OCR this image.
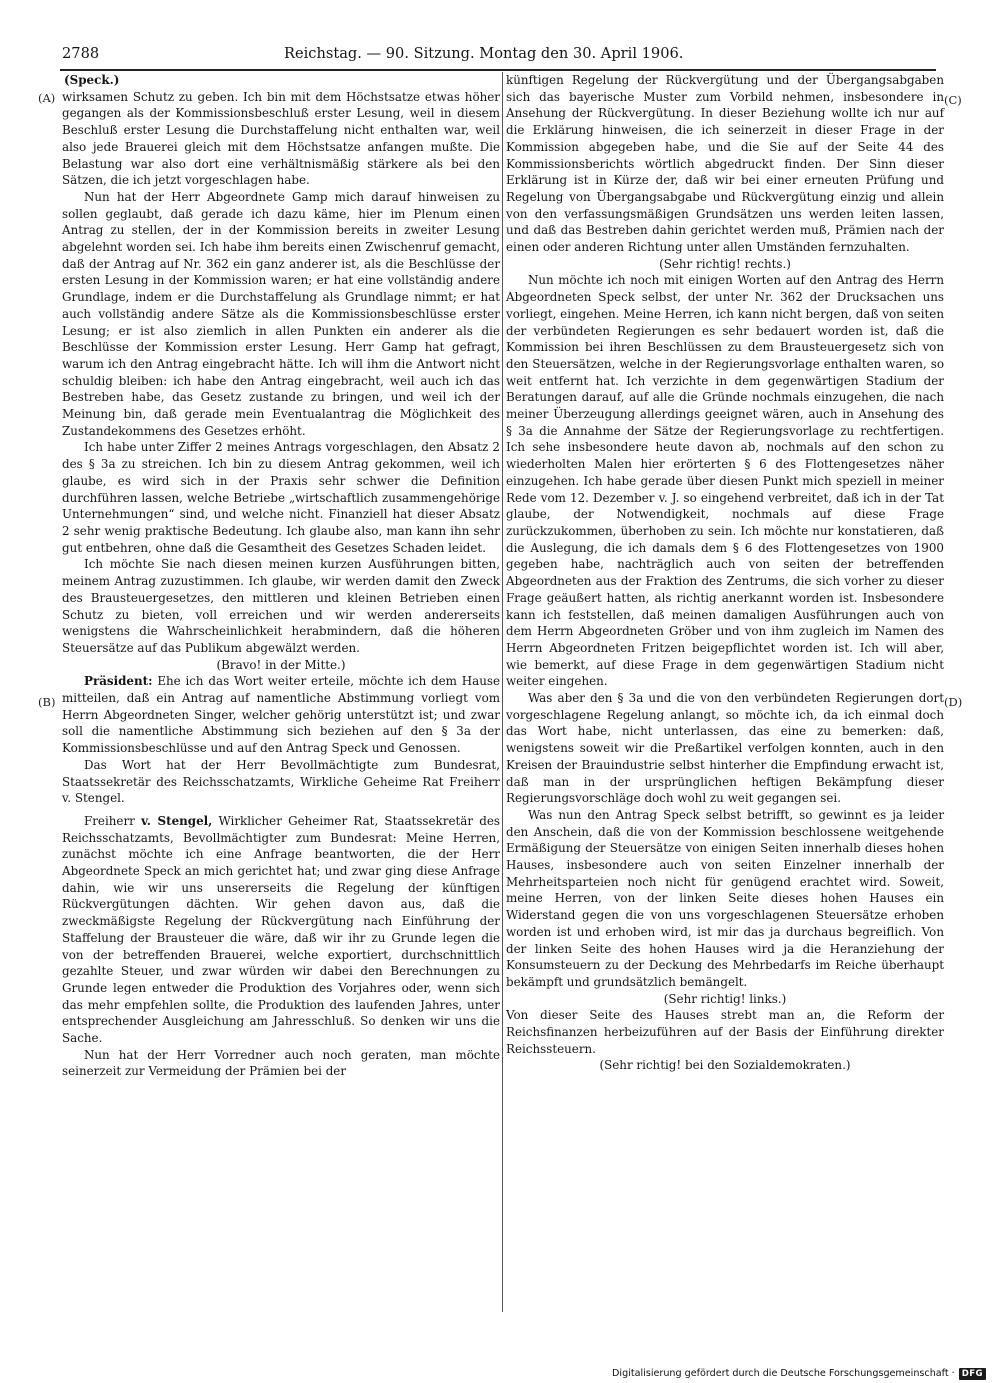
2788	Reichstag. — 90. Sitzung. Montag den 30. April 1906.
(A)
(B)
(C)
(D)

(Speck.)

wirksamen Schutz zu geben. Ich bin mit dem Höchstsatze etwas höher gegangen als der Kommissionsbeschluß erster Lesung, weil in diesem Beschluß erster Lesung die Durchstaffelung nicht enthalten war, weil also jede Brauerei gleich mit dem Höchstsatze anfangen mußte. Die Belastung war also dort eine verhältnismäßig stärkere als bei den Sätzen, die ich jetzt vorgeschlagen habe.

Nun hat der Herr Abgeordnete Gamp mich darauf hinweisen zu sollen geglaubt, daß gerade ich dazu käme, hier im Plenum einen Antrag zu stellen, der in der Kommission bereits in zweiter Lesung abgelehnt worden sei. Ich habe ihm bereits einen Zwischenruf gemacht, daß der Antrag auf Nr. 362 ein ganz anderer ist, als die Beschlüsse der ersten Lesung in der Kommission waren; er hat eine vollständig andere Grundlage, indem er die Durchstaffelung als Grundlage nimmt; er hat auch vollständig andere Sätze als die Kommissionsbeschlüsse erster Lesung; er ist also ziemlich in allen Punkten ein anderer als die Beschlüsse der Kommission erster Lesung. Herr Gamp hat gefragt, warum ich den Antrag eingebracht hätte. Ich will ihm die Antwort nicht schuldig bleiben: ich habe den Antrag eingebracht, weil auch ich das Bestreben habe, das Gesetz zustande zu bringen, und weil ich der Meinung bin, daß gerade mein Eventualantrag die Möglichkeit des Zustandekommens des Gesetzes erhöht.

Ich habe unter Ziffer 2 meines Antrags vorgeschlagen, den Absatz 2 des § 3a zu streichen. Ich bin zu diesem Antrag gekommen, weil ich glaube, es wird sich in der Praxis sehr schwer die Definition durchführen lassen, welche Betriebe „wirtschaftlich zusammengehörige Unternehmungen“ sind, und welche nicht. Finanziell hat dieser Absatz 2 sehr wenig praktische Bedeutung. Ich glaube also, man kann ihn sehr gut entbehren, ohne daß die Gesamtheit des Gesetzes Schaden leidet.

Ich möchte Sie nach diesen meinen kurzen Ausführungen bitten, meinem Antrag zuzustimmen. Ich glaube, wir werden damit den Zweck des Brausteuergesetzes, den mittleren und kleinen Betrieben einen Schutz zu bieten, voll erreichen und wir werden andererseits wenigstens die Wahrscheinlichkeit herabmindern, daß die höheren Steuersätze auf das Publikum abgewälzt werden.

(Bravo! in der Mitte.)

Präsident: Ehe ich das Wort weiter erteile, möchte ich dem Hause mitteilen, daß ein Antrag auf namentliche Abstimmung vorliegt vom Herrn Abgeordneten Singer, welcher gehörig unterstützt ist; und zwar soll die namentliche Abstimmung sich beziehen auf den § 3a der Kommissionsbeschlüsse und auf den Antrag Speck und Genossen.

Das Wort hat der Herr Bevollmächtigte zum Bundesrat, Staatssekretär des Reichsschatzamts, Wirkliche Geheime Rat Freiherr v. Stengel.

Freiherr v. Stengel, Wirklicher Geheimer Rat, Staatssekretär des Reichsschatzamts, Bevollmächtigter zum Bundesrat: Meine Herren, zunächst möchte ich eine Anfrage beantworten, die der Herr Abgeordnete Speck an mich gerichtet hat; und zwar ging diese Anfrage dahin, wie wir uns unsererseits die Regelung der künftigen Rückvergütungen dächten. Wir gehen davon aus, daß die zweckmäßigste Regelung der Rückvergütung nach Einführung der Staffelung der Brausteuer die wäre, daß wir ihr zu Grunde legen die von der betreffenden Brauerei, welche exportiert, durchschnittlich gezahlte Steuer, und zwar würden wir dabei den Berechnungen zu Grunde legen entweder die Produktion des Vorjahres oder, wenn sich das mehr empfehlen sollte, die Produktion des laufenden Jahres, unter entsprechender Ausgleichung am Jahresschluß. So denken wir uns die Sache.

Nun hat der Herr Vorredner auch noch geraten, man möchte seinerzeit zur Vermeidung der Prämien bei der

künftigen Regelung der Rückvergütung und der Übergangsabgaben sich das bayerische Muster zum Vorbild nehmen, insbesondere in Ansehung der Rückvergütung. In dieser Beziehung wollte ich nur auf die Erklärung hinweisen, die ich seinerzeit in dieser Frage in der Kommission abgegeben habe, und die Sie auf der Seite 44 des Kommissionsberichts wörtlich abgedruckt finden. Der Sinn dieser Erklärung ist in Kürze der, daß wir bei einer erneuten Prüfung und Regelung von Übergangsabgabe und Rückvergütung einzig und allein von den verfassungsmäßigen Grundsätzen uns werden leiten lassen, und daß das Bestreben dahin gerichtet werden muß, Prämien nach der einen oder anderen Richtung unter allen Umständen fernzuhalten.

(Sehr richtig! rechts.)

Nun möchte ich noch mit einigen Worten auf den Antrag des Herrn Abgeordneten Speck selbst, der unter Nr. 362 der Drucksachen uns vorliegt, eingehen. Meine Herren, ich kann nicht bergen, daß von seiten der verbündeten Regierungen es sehr bedauert worden ist, daß die Kommission bei ihren Beschlüssen zu dem Brausteuergesetz sich von den Steuersätzen, welche in der Regierungsvorlage enthalten waren, so weit entfernt hat. Ich verzichte in dem gegenwärtigen Stadium der Beratungen darauf, auf alle die Gründe nochmals einzugehen, die nach meiner Überzeugung allerdings geeignet wären, auch in Ansehung des § 3a die Annahme der Sätze der Regierungsvorlage zu rechtfertigen. Ich sehe insbesondere heute davon ab, nochmals auf den schon zu wiederholten Malen hier erörterten § 6 des Flottengesetzes näher einzugehen. Ich habe gerade über diesen Punkt mich speziell in meiner Rede vom 12. Dezember v. J. so eingehend verbreitet, daß ich in der Tat glaube, der Notwendigkeit, nochmals auf diese Frage zurückzukommen, überhoben zu sein. Ich möchte nur konstatieren, daß die Auslegung, die ich damals dem § 6 des Flottengesetzes von 1900 gegeben habe, nachträglich auch von seiten der betreffenden Abgeordneten aus der Fraktion des Zentrums, die sich vorher zu dieser Frage geäußert hatten, als richtig anerkannt worden ist. Insbesondere kann ich feststellen, daß meinen damaligen Ausführungen auch von dem Herrn Abgeordneten Gröber und von ihm zugleich im Namen des Herrn Abgeordneten Fritzen beigepflichtet worden ist. Ich will aber, wie bemerkt, auf diese Frage in dem gegenwärtigen Stadium nicht weiter eingehen.

Was aber den § 3a und die von den verbündeten Regierungen dort vorgeschlagene Regelung anlangt, so möchte ich, da ich einmal doch das Wort habe, nicht unterlassen, das eine zu bemerken: daß, wenigstens soweit wir die Preßartikel verfolgen konnten, auch in den Kreisen der Brauindustrie selbst hinterher die Empfindung erwacht ist, daß man in der ursprünglichen heftigen Bekämpfung dieser Regierungsvorschläge doch wohl zu weit gegangen sei.

Was nun den Antrag Speck selbst betrifft, so gewinnt es ja leider den Anschein, daß die von der Kommission beschlossene weitgehende Ermäßigung der Steuersätze von einigen Seiten innerhalb dieses hohen Hauses, insbesondere auch von seiten Einzelner innerhalb der Mehrheitsparteien noch nicht für genügend erachtet wird. Soweit, meine Herren, von der linken Seite dieses hohen Hauses ein Widerstand gegen die von uns vorgeschlagenen Steuersätze erhoben worden ist und erhoben wird, ist mir das ja durchaus begreiflich. Von der linken Seite des hohen Hauses wird ja die Heranziehung der Konsumsteuern zu der Deckung des Mehrbedarfs im Reiche überhaupt bekämpft und grundsätzlich bemängelt.

(Sehr richtig! links.)

Von dieser Seite des Hauses strebt man an, die Reform der Reichsfinanzen herbeizuführen auf der Basis der Einführung direkter Reichssteuern.

(Sehr richtig! bei den Sozialdemokraten.)

Digitalisierung gefördert durch die Deutsche Forschungsgemeinschaft · DFG
